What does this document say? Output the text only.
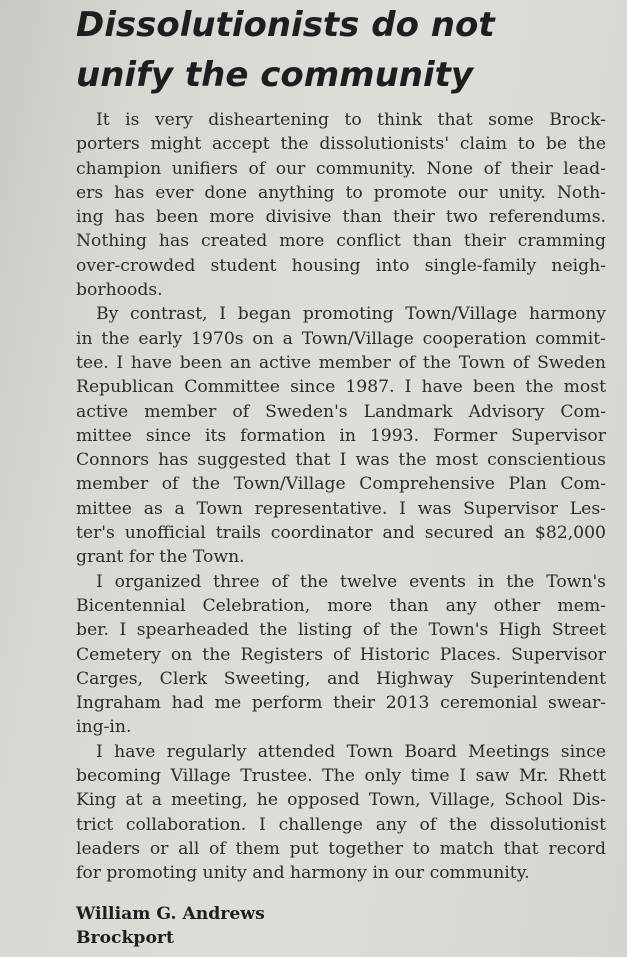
Dissolutionists do not
unify the community
It is very disheartening to think that some Brock-
porters might accept the dissolutionists' claim to be the
champion unifiers of our community. None of their lead-
ers has ever done anything to promote our unity. Noth-
ing has been more divisive than their two referendums.
Nothing has created more conflict than their cramming
over-crowded student housing into single-family neigh-
borhoods.
By contrast, I began promoting Town/Village harmony
in the early 1970s on a Town/Village cooperation commit-
tee. I have been an active member of the Town of Sweden
Republican Committee since 1987. I have been the most
active member of Sweden's Landmark Advisory Com-
mittee since its formation in 1993. Former Supervisor
Connors has suggested that I was the most conscientious
member of the Town/Village Comprehensive Plan Com-
mittee as a Town representative. I was Supervisor Les-
ter's unofficial trails coordinator and secured an $82,000
grant for the Town.
I organized three of the twelve events in the Town's
Bicentennial Celebration, more than any other mem-
ber. I spearheaded the listing of the Town's High Street
Cemetery on the Registers of Historic Places. Supervisor
Carges, Clerk Sweeting, and Highway Superintendent
Ingraham had me perform their 2013 ceremonial swear-
ing-in.
I have regularly attended Town Board Meetings since
becoming Village Trustee. The only time I saw Mr. Rhett
King at a meeting, he opposed Town, Village, School Dis-
trict collaboration. I challenge any of the dissolutionist
leaders or all of them put together to match that record
for promoting unity and harmony in our community.
William G. Andrews
Brockport
